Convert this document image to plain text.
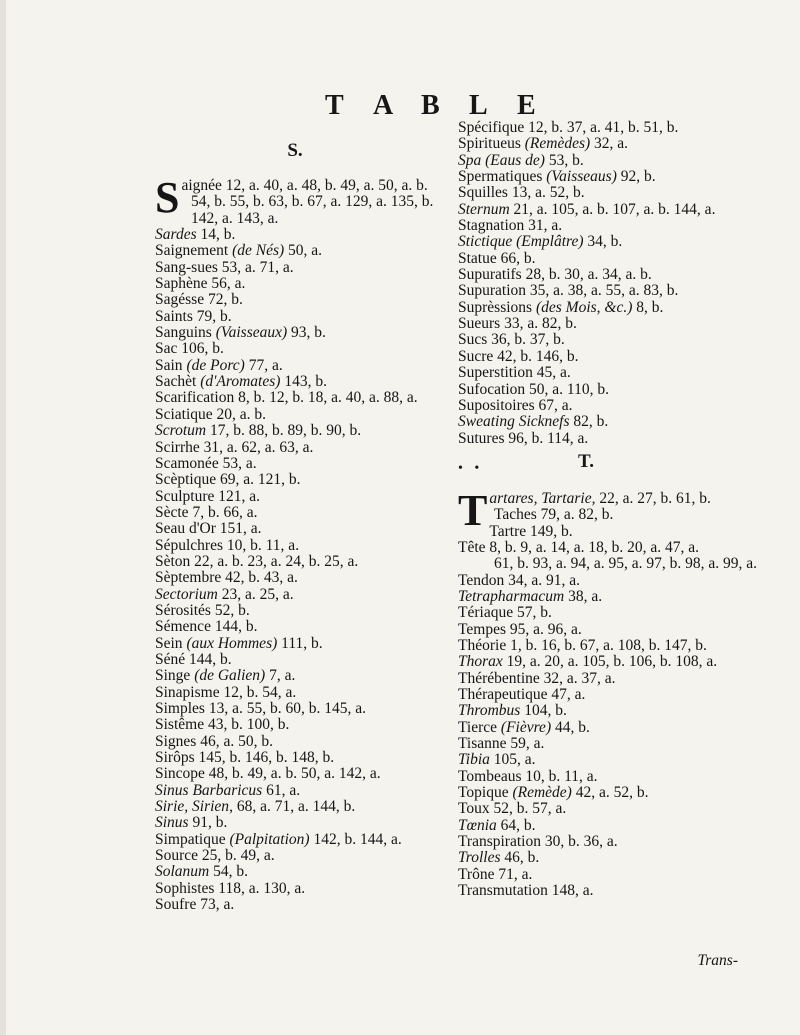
T A B L E

S.

Saignée 12, a. 40, a. 48, b. 49, a. 50, a. b.

54, b. 55, b. 63, b. 67, a. 129, a. 135, b.

142, a. 143, a.

Sardes 14, b.

Saignement (de Nés) 50, a.

Sang-sues 53, a. 71, a.

Saphène 56, a.

Sagésse 72, b.

Saints 79, b.

Sanguins (Vaisseaux) 93, b.

Sac 106, b.

Sain (de Porc) 77, a.

Sachèt (d'Aromates) 143, b.

Scarification 8, b. 12, b. 18, a. 40, a. 88, a.

Sciatique 20, a. b.

Scrotum 17, b. 88, b. 89, b. 90, b.

Scirrhe 31, a. 62, a. 63, a.

Scamonée 53, a.

Scèptique 69, a. 121, b.

Sculpture 121, a.

Sècte 7, b. 66, a.

Seau d'Or 151, a.

Sépulchres 10, b. 11, a.

Sèton 22, a. b. 23, a. 24, b. 25, a.

Sèptembre 42, b. 43, a.

Sectorium 23, a. 25, a.

Sérosités 52, b.

Sémence 144, b.

Sein (aux Hommes) 111, b.

Séné 144, b.

Singe (de Galien) 7, a.

Sinapisme 12, b. 54, a.

Simples 13, a. 55, b. 60, b. 145, a.

Sistême 43, b. 100, b.

Signes 46, a. 50, b.

Sirôps 145, b. 146, b. 148, b.

Sincope 48, b. 49, a. b. 50, a. 142, a.

Sinus Barbaricus 61, a.

Sirie, Sirien, 68, a. 71, a. 144, b.

Sinus 91, b.

Simpatique (Palpitation) 142, b. 144, a.

Source 25, b. 49, a.

Solanum 54, b.

Sophistes 118, a. 130, a.

Soufre 73, a.

Spécifique 12, b. 37, a. 41, b. 51, b.

Spiritueus (Remèdes) 32, a.

Spa (Eaus de) 53, b.

Spermatiques (Vaisseaus) 92, b.

Squilles 13, a. 52, b.

Sternum 21, a. 105, a. b. 107, a. b. 144, a.

Stagnation 31, a.

Stictique (Emplâtre) 34, b.

Statue 66, b.

Supuratifs 28, b. 30, a. 34, a. b.

Supuration 35, a. 38, a. 55, a. 83, b.

Suprèssions (des Mois, &c.) 8, b.

Sueurs 33, a. 82, b.

Sucs 36, b. 37, b.

Sucre 42, b. 146, b.

Superstition 45, a.

Sufocation 50, a. 110, b.

Supositoires 67, a.

Sweating Sicknefs 82, b.

Sutures 96, b. 114, a.

• •	T.

Tartares, Tartarie, 22, a. 27, b. 61, b.

Taches 79, a. 82, b.

Tartre 149, b.

Tête 8, b. 9, a. 14, a. 18, b. 20, a. 47, a.

61, b. 93, a. 94, a. 95, a. 97, b. 98, a. 99, a.

Tendon 34, a. 91, a.

Tetrapharmacum 38, a.

Tériaque 57, b.

Tempes 95, a. 96, a.

Théorie 1, b. 16, b. 67, a. 108, b. 147, b.

Thorax 19, a. 20, a. 105, b. 106, b. 108, a.

Thérébentine 32, a. 37, a.

Thérapeutique 47, a.

Thrombus 104, b.

Tierce (Fièvre) 44, b.

Tisanne 59, a.

Tibia 105, a.

Tombeaus 10, b. 11, a.

Topique (Remède) 42, a. 52, b.

Toux 52, b. 57, a.

Tœnia 64, b.

Transpiration 30, b. 36, a.

Trolles 46, b.

Trône 71, a.

Transmutation 148, a.

Trans-
